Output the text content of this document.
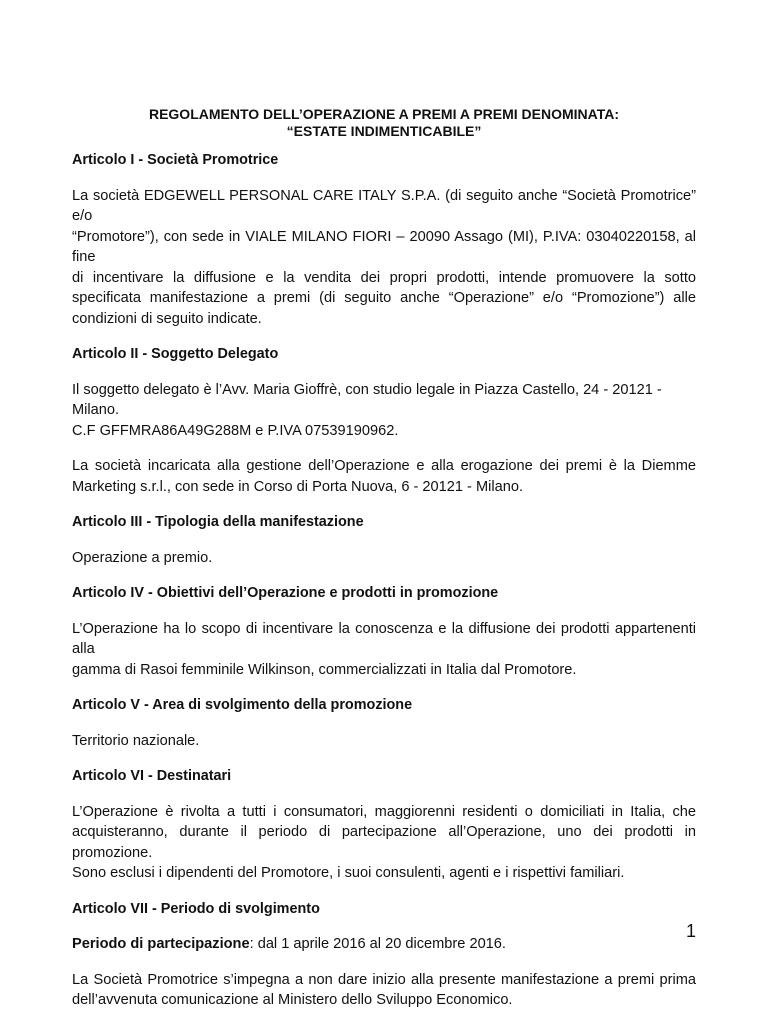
REGOLAMENTO DELL’OPERAZIONE A PREMI A PREMI DENOMINATA:
“ESTATE INDIMENTICABILE”
Articolo I - Società Promotrice
La società EDGEWELL PERSONAL CARE ITALY S.P.A. (di seguito anche “Società Promotrice” e/o
“Promotore”), con sede in VIALE MILANO FIORI – 20090 Assago (MI), P.IVA: 03040220158, al fine
di incentivare la diffusione e la vendita dei propri prodotti, intende promuovere la sotto
specificata manifestazione a premi (di seguito anche “Operazione” e/o “Promozione”) alle
condizioni di seguito indicate.
Articolo II - Soggetto Delegato
Il soggetto delegato è l’Avv. Maria Gioffrè, con studio legale in Piazza Castello, 24 - 20121 - Milano.
C.F GFFMRA86A49G288M e P.IVA 07539190962.
La società incaricata alla gestione dell’Operazione e alla erogazione dei premi è la Diemme
Marketing s.r.l., con sede in Corso di Porta Nuova, 6 - 20121 - Milano.
Articolo III - Tipologia della manifestazione
Operazione a premio.
Articolo IV - Obiettivi dell’Operazione e prodotti in promozione
L’Operazione ha lo scopo di incentivare la conoscenza e la diffusione dei prodotti appartenenti alla
gamma di Rasoi femminile Wilkinson, commercializzati in Italia dal Promotore.
Articolo V - Area di svolgimento della promozione
Territorio nazionale.
Articolo VI - Destinatari
L’Operazione è rivolta a tutti i consumatori, maggiorenni residenti o domiciliati in Italia, che
acquisteranno, durante il periodo di partecipazione all’Operazione, uno dei prodotti in
promozione.
Sono esclusi i dipendenti del Promotore, i suoi consulenti, agenti e i rispettivi familiari.
Articolo VII - Periodo di svolgimento
Periodo di partecipazione: dal 1 aprile 2016 al 20 dicembre 2016.
La Società Promotrice s’impegna a non dare inizio alla presente manifestazione a premi prima
dell’avvenuta comunicazione al Ministero dello Sviluppo Economico.
1
